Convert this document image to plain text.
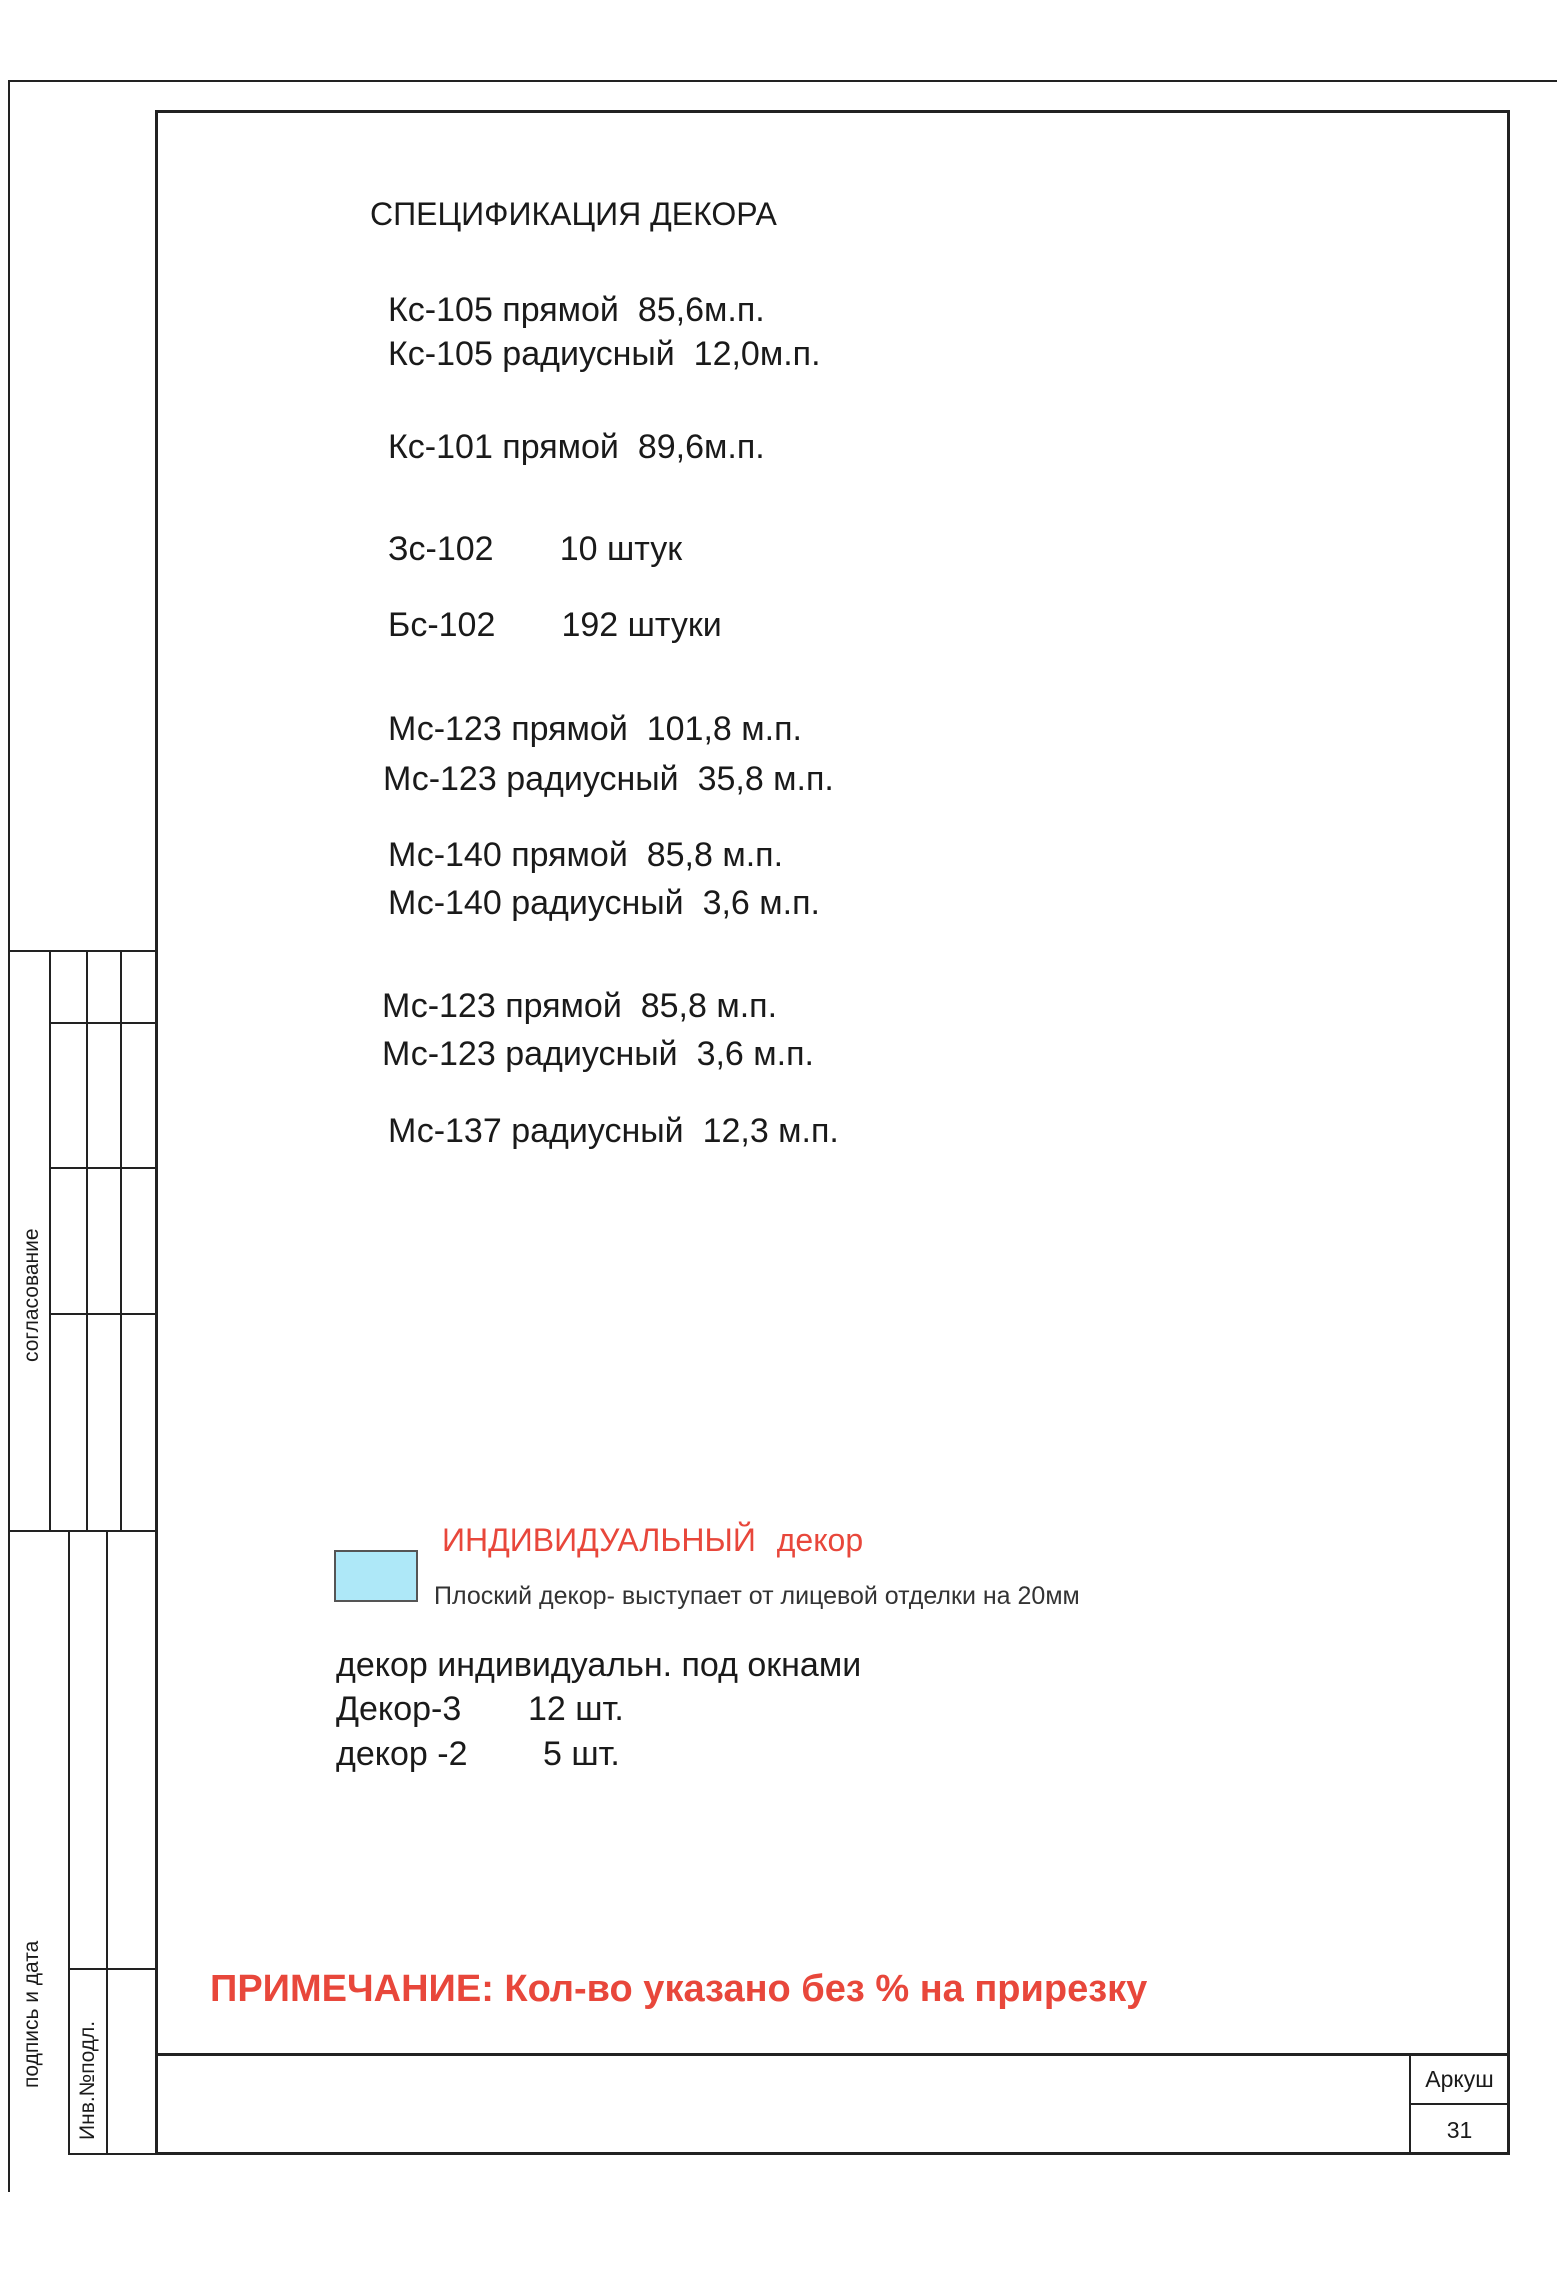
согласование
подпись и дата Инв.№подл.
СПЕЦИФИКАЦИЯ ДЕКОРА
Кс-105 прямой  85,6м.п.
Кс-105 радиусный  12,0м.п.
Кс-101 прямой  89,6м.п.
Зс-102       10 штук
Бс-102       192 штуки
Мс-123 прямой  101,8 м.п.
Мс-123 радиусный  35,8 м.п.
Мс-140 прямой  85,8 м.п.
Мс-140 радиусный  3,6 м.п.
Мс-123 прямой  85,8 м.п.
Мс-123 радиусный  3,6 м.п.
Мс-137 радиусный  12,3 м.п.
ИНДИВИДУАЛЬНЫЙ декор
Плоский декор- выступает от лицевой отделки на 20мм
декор индивидуальн. под окнами
Декор-3 12 шт.
декор -2 5 шт.
ПРИМЕЧАНИЕ: Кол-во указано без % на прирезку
Аркуш
31
